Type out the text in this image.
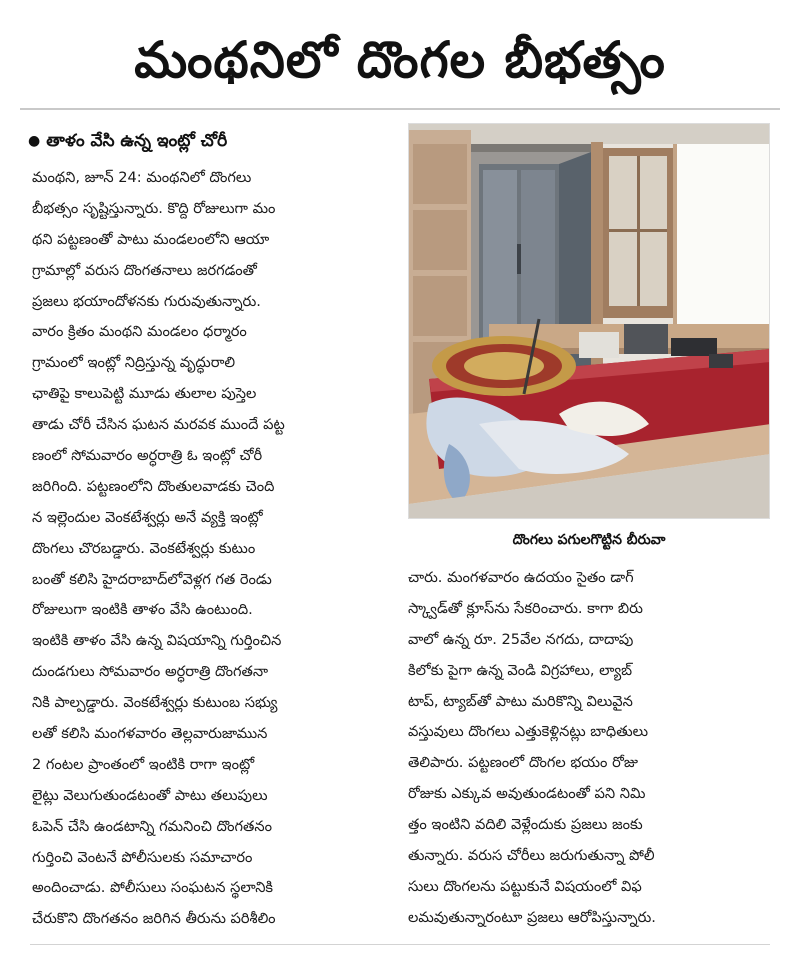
మంథనిలో దొంగల బీభత్సం
● తాళం వేసి ఉన్న ఇంట్లో చోరీ
మంథని, జూన్ 24: మంథనిలో దొంగలు
బీభత్సం సృష్టిస్తున్నారు. కొద్ది రోజులుగా మం
థని పట్టణంతో పాటు మండలంలోని ఆయా
గ్రామాల్లో వరుస దొంగతనాలు జరగడంతో
ప్రజలు భయాందోళనకు గురువుతున్నారు.
వారం క్రితం మంథని మండలం ధర్మారం
గ్రామంలో ఇంట్లో నిద్రిస్తున్న వృద్ధురాలి
ఛాతిపై కాలుపెట్టి మూడు తులాల పుస్తెల
తాడు చోరీ చేసిన ఘటన మరవక ముందే పట్ట
ణంలో సోమవారం అర్ధరాత్రి ఓ ఇంట్లో చోరీ
జరిగింది. పట్టణంలోని దొంతులవాడకు చెంది
న ఇల్లెందుల వెంకటేశ్వర్లు అనే వ్యక్తి ఇంట్లో
దొంగలు చొరబడ్డారు. వెంకటేశ్వర్లు కుటుం
బంతో కలిసి హైదరాబాద్‌లోవెళ్లగ గత రెండు
రోజులుగా ఇంటికి తాళం వేసి ఉంటుంది.
ఇంటికి తాళం వేసి ఉన్న విషయాన్ని గుర్తించిన
దుండగులు సోమవారం అర్ధరాత్రి దొంగతనా
నికి పాల్పడ్డారు. వెంకటేశ్వర్లు కుటుంబ సభ్యు
లతో కలిసి మంగళవారం తెల్లవారుజామున
2 గంటల ప్రాంతంలో ఇంటికి రాగా ఇంట్లో
లైట్లు వెలుగుతుండటంతో పాటు తలుపులు
ఓపెన్ చేసి ఉండటాన్ని గమనించి దొంగతనం
గుర్తించి వెంటనే పోలీసులకు సమాచారం
అందించాడు. పోలీసులు సంఘటన స్థలానికి
చేరుకొని దొంగతనం జరిగిన తీరును పరిశీలిం
దొంగలు పగులగొట్టిన బీరువా
చారు. మంగళవారం ఉదయం సైతం డాగ్
స్క్వాడ్‌తో క్లూస్‌ను సేకరించారు. కాగా బిరు
వాలో ఉన్న రూ. 25వేల నగదు, దాదాపు
కిలోకు పైగా ఉన్న వెండి విగ్రహాలు, ల్యాబ్
టాప్, ట్యాబ్‌తో పాటు మరికొన్ని విలువైన
వస్తువులు దొంగలు ఎత్తుకెళ్లినట్లు బాధితులు
తెలిపారు. పట్టణంలో దొంగల భయం రోజు
రోజుకు ఎక్కువ అవుతుండటంతో పని నిమి
త్తం ఇంటిని వదిలి వెళ్లేందుకు ప్రజలు జంకు
తున్నారు. వరుస చోరీలు జరుగుతున్నా పోలీ
సులు దొంగలను పట్టుకునే విషయంలో విఫ
లమవుతున్నారంటూ ప్రజలు ఆరోపిస్తున్నారు.
